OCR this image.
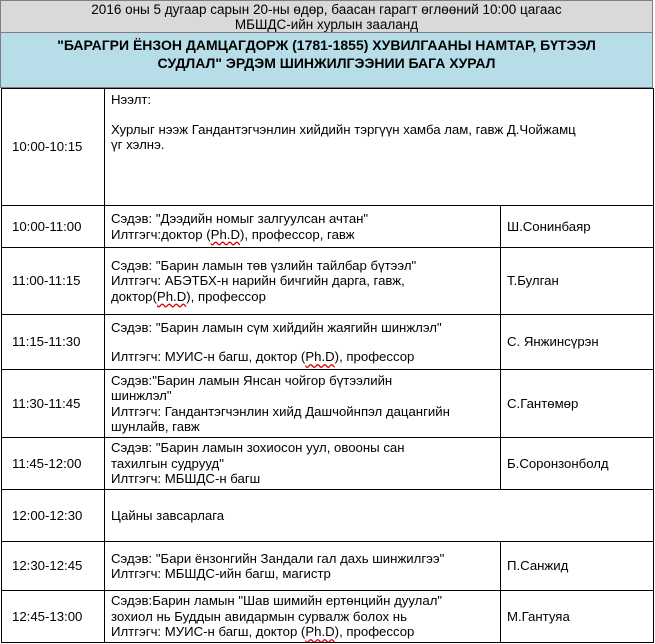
2016 оны 5 дугаар сарын 20-ны өдөр, баасан гарагт өглөөний 10:00 цагаас
МБШДС-ийн хурлын зааланд
"БАРАГРИ ЁНЗОН ДАМЦАГДОРЖ (1781-1855) ХУВИЛГААНЫ НАМТАР, БҮТЭЭЛ
СУДЛАЛ" ЭРДЭМ ШИНЖИЛГЭЭНИИ БАГА ХУРАЛ
10:00-10:15	Нээлт:
Хурлыг нээж Гандантэгчэнлин хийдийн тэргүүн хамба лам, гавж Д.Чойжамц
үг хэлнэ.	

10:00-11:00	Сэдэв: "Дээдийн номыг залгуулсан ачтан"
Илтгэгч:доктор (Ph.D), профессор, гавж	Ш.Сонинбаяр
11:00-11:15	Сэдэв: "Барин ламын төв үзлийн тайлбар бүтээл"
Илтгэгч: АБЭТБХ-н нарийн бичгийн дарга, гавж,
доктор(Ph.D), профессор	Т.Булган
11:15-11:30	Сэдэв: "Барин ламын сүм хийдийн жаягийн шинжлэл"
Илтгэгч: МУИС-н багш, доктор (Ph.D), профессор	С. Янжинсүрэн
11:30-11:45	Сэдэв:"Барин ламын Янсан чойгор бүтээлийн
шинжлэл"
Илтгэгч: Гандантэгчэнлин хийд Дашчойнпэл дацангийн
шунлайв, гавж	С.Гантөмөр
11:45-12:00	Сэдэв: "Барин ламын зохиосон уул, овооны сан
тахилгын судрууд"
Илтгэгч: МБШДС-н багш	Б.Соронзонболд
12:00-12:30	Цайны завсарлага	

12:30-12:45	Сэдэв: "Бари ёнзонгийн Зандали гал дахь шинжилгээ"
Илтгэгч: МБШДС-ийн багш, магистр	П.Санжид
12:45-13:00	Сэдэв:Барин ламын "Шав шимийн ертөнцийн дуулал"
зохиол нь Буддын авидармын сурвалж болох нь
Илтгэгч: МУИС-н багш, доктор (Ph.D), профессор	М.Гантуяа
